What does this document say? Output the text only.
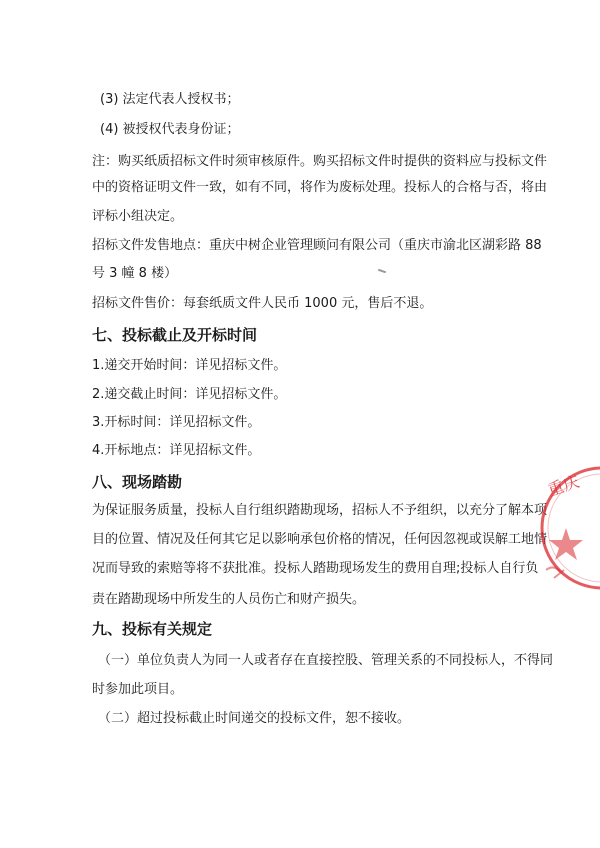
(3) 法定代表人授权书；
(4) 被授权代表身份证；
注：购买纸质招标文件时须审核原件。购买招标文件时提供的资料应与投标文件
中的资格证明文件一致，如有不同，将作为废标处理。投标人的合格与否，将由
评标小组决定。
招标文件发售地点：重庆中树企业管理顾问有限公司（重庆市渝北区湖彩路 88
号 3 幢 8 楼）
招标文件售价：每套纸质文件人民币 1000 元，售后不退。
七、投标截止及开标时间
1.递交开始时间：详见招标文件。
2.递交截止时间：详见招标文件。
3.开标时间：详见招标文件。
4.开标地点：详见招标文件。
八、现场踏勘
为保证服务质量，投标人自行组织踏勘现场，招标人不予组织，以充分了解本项
目的位置、情况及任何其它足以影响承包价格的情况，任何因忽视或误解工地情
况而导致的索赔等将不获批准。投标人踏勘现场发生的费用自理;投标人自行负
责在踏勘现场中所发生的人员伤亡和财产损失。
九、投标有关规定
（一）单位负责人为同一人或者存在直接控股、管理关系的不同投标人，不得同
时参加此项目。
（二）超过投标截止时间递交的投标文件，恕不接收。
重庆
